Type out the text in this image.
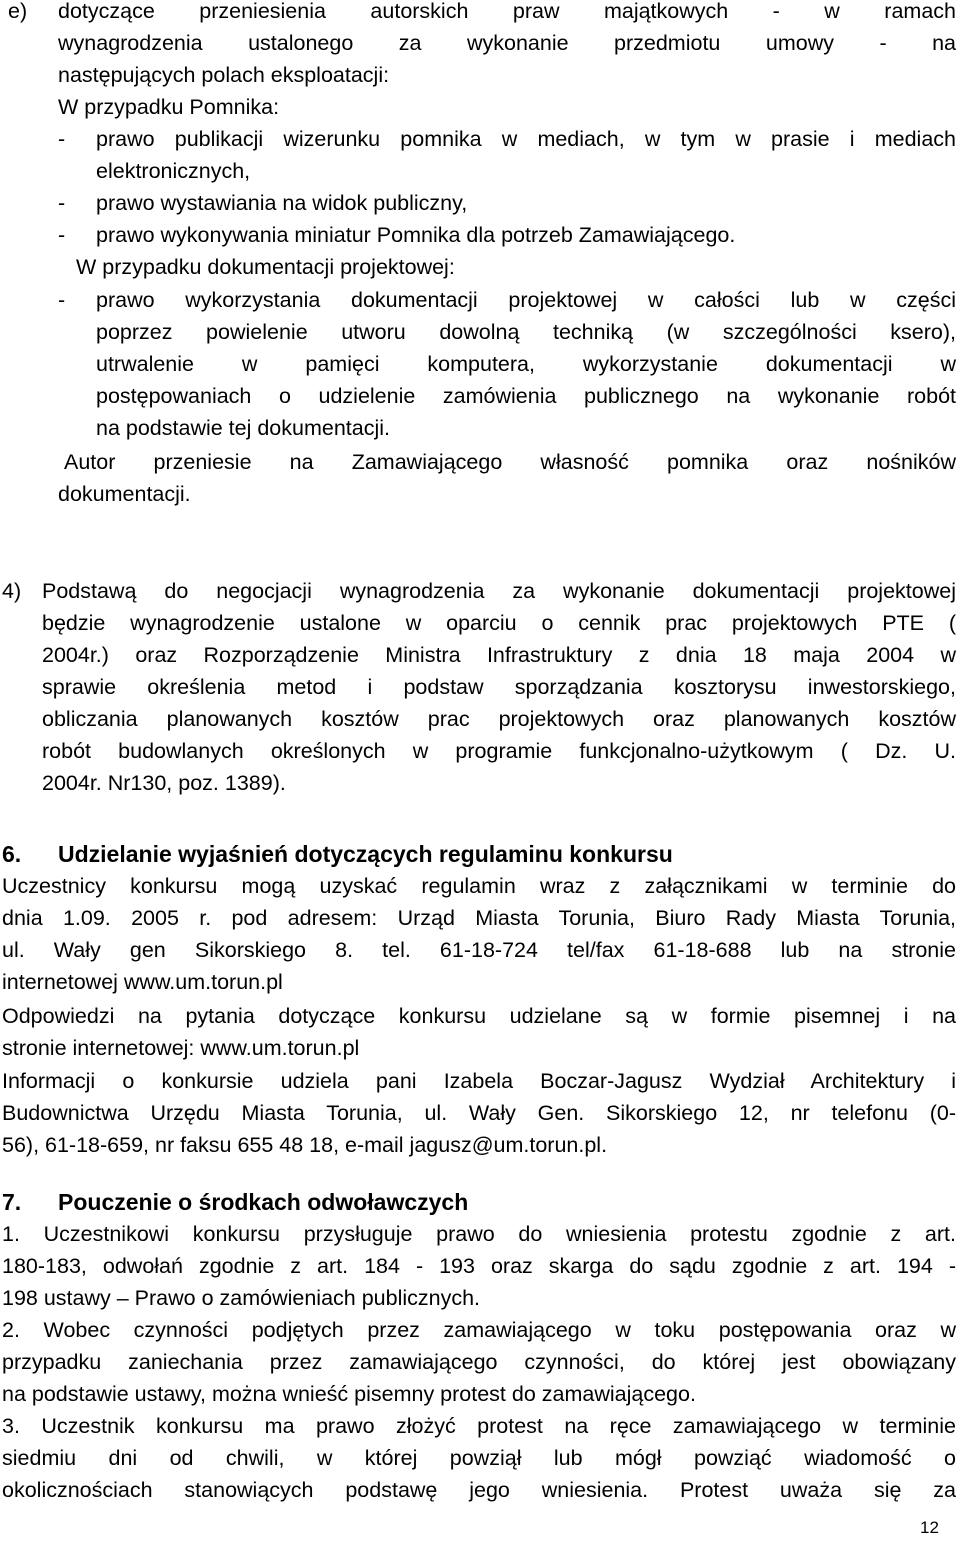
e) dotyczące przeniesienia autorskich praw majątkowych - w ramach
wynagrodzenia ustalonego za wykonanie przedmiotu umowy - na
następujących polach eksploatacji:
W przypadku Pomnika:
- prawo publikacji wizerunku pomnika w mediach, w tym w prasie i mediach
elektronicznych,
- prawo wystawiania na widok publiczny,
- prawo wykonywania miniatur Pomnika dla potrzeb Zamawiającego.
W przypadku dokumentacji projektowej:
- prawo wykorzystania dokumentacji projektowej w całości lub w części
poprzez powielenie utworu dowolną techniką (w szczególności ksero),
utrwalenie w pamięci komputera, wykorzystanie dokumentacji w
postępowaniach o udzielenie zamówienia publicznego na wykonanie robót
na podstawie tej dokumentacji.
Autor przeniesie na Zamawiającego własność pomnika oraz nośników
dokumentacji.
4) Podstawą do negocjacji wynagrodzenia za wykonanie dokumentacji projektowej
będzie wynagrodzenie ustalone w oparciu o cennik prac projektowych PTE (
2004r.) oraz Rozporządzenie Ministra Infrastruktury z dnia 18 maja 2004 w
sprawie określenia metod i podstaw sporządzania kosztorysu inwestorskiego,
obliczania planowanych kosztów prac projektowych oraz planowanych kosztów
robót budowlanych określonych w programie funkcjonalno-użytkowym ( Dz. U.
2004r. Nr130, poz. 1389).
6. Udzielanie wyjaśnień dotyczących regulaminu konkursu
Uczestnicy konkursu mogą uzyskać regulamin wraz z załącznikami w terminie do
dnia 1.09. 2005 r. pod adresem: Urząd Miasta Torunia, Biuro Rady Miasta Torunia,
ul. Wały gen Sikorskiego 8. tel. 61-18-724 tel/fax 61-18-688 lub na stronie
internetowej www.um.torun.pl
Odpowiedzi na pytania dotyczące konkursu udzielane są w formie pisemnej i na
stronie internetowej: www.um.torun.pl
Informacji o konkursie udziela pani Izabela Boczar-Jagusz Wydział Architektury i
Budownictwa Urzędu Miasta Torunia, ul. Wały Gen. Sikorskiego 12, nr telefonu (0-
56), 61-18-659, nr faksu 655 48 18, e-mail jagusz@um.torun.pl.
7. Pouczenie o środkach odwoławczych
1. Uczestnikowi konkursu przysługuje prawo do wniesienia protestu zgodnie z art.
180-183, odwołań zgodnie z art. 184 - 193 oraz skarga do sądu zgodnie z art. 194 -
198 ustawy – Prawo o zamówieniach publicznych.
2. Wobec czynności podjętych przez zamawiającego w toku postępowania oraz w
przypadku zaniechania przez zamawiającego czynności, do której jest obowiązany
na podstawie ustawy, można wnieść pisemny protest do zamawiającego.
3. Uczestnik konkursu ma prawo złożyć protest na ręce zamawiającego w terminie
siedmiu dni od chwili, w której powziął lub mógł powziąć wiadomość o
okolicznościach stanowiących podstawę jego wniesienia. Protest uważa się za
12
